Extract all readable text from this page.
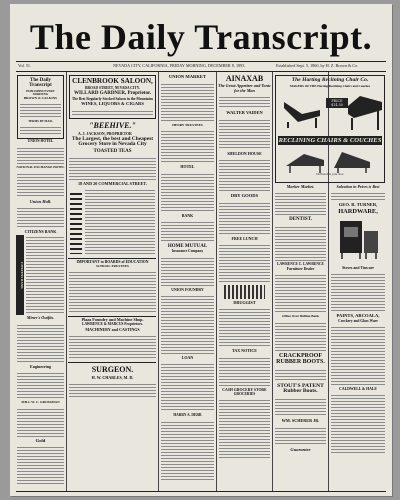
The Daily Transcript.
Vol. 51.	NEVADA CITY, CALIFORNIA, FRIDAY MORNING, DECEMBER 8, 1893.	Established Sept. 5, 1860, by H. Z. Brown & Co.
The Daily Transcript
PUBLISHED EVERY MORNING
BROWN & CALKINS
TERMS BY MAIL
UNION HOTEL
NATIONAL EXCHANGE HOTEL
Union Hall.
CITIZENS BANK
CITIZENS BANK
Miner's Outfits.
Engineering
MILL W. C. GROSSMAN
Gold
CLENBROOK SALOON,
BROAD STREET, NEVADA CITY.
WILLARD GARDNER, Proprietor.
The Best Regularly Stocked Saloon in the Mountains
WINES, LIQUORS & CIGARS
"BEEHIVE."
A. J. JACKSON, PROPRIETOR
The Largest, the best and Cheapest Grocery Store in Nevada City
TOASTED TEAS
18 AND 20 COMMERCIAL STREET.
IMPORTANT to BOARDS of EDUCATION
SCHOOL TRUSTEES
Plaza Foundry and Machine Shop.
LAWRENCE & MARCUS Proprietors.
MACHINERY and CASTINGS
SURGEON.
H. W. CHARLES, M. D.
UNION MARKET
HENRY TRUSTEES
HOTEL
BANK
HOME MUTUAL
Insurance Company
UNION FOUNDRY
LOAN
HARRY A. DERR
AINAXAB
The Great Appetizer and Tonic for the Man
WALTER VAIDEN
SHELDON HOUSE
DRY GOODS
FREE LUNCH
DRUGGIST
TAX NOTICE
CASH GROCERY STORE
GROCERIES
The Harting Reclining Chair Co.
MAKERS OF THE Harting Reclining Chairs and Couches
PRICE $14.50
RECLINING CHAIRS & COUCHES
Delivered at your door
Marker Market.
DENTIST.
LAWRENCE C. LAWRENCE
Furniture Dealer
Office Over Bullion Bank
CRACKPROOF RUBBER BOOTS.
STOUT'S PATENT Rubber Boots.
WM. SCHERER JR.
Guarantee
Salvation in Prices is Best
GEO. R. TURNER,
HARDWARE,
Stoves and Tinware
PAINTS, ARCOALA,
Crockery and Glass Ware
CALDWELL & HALE
